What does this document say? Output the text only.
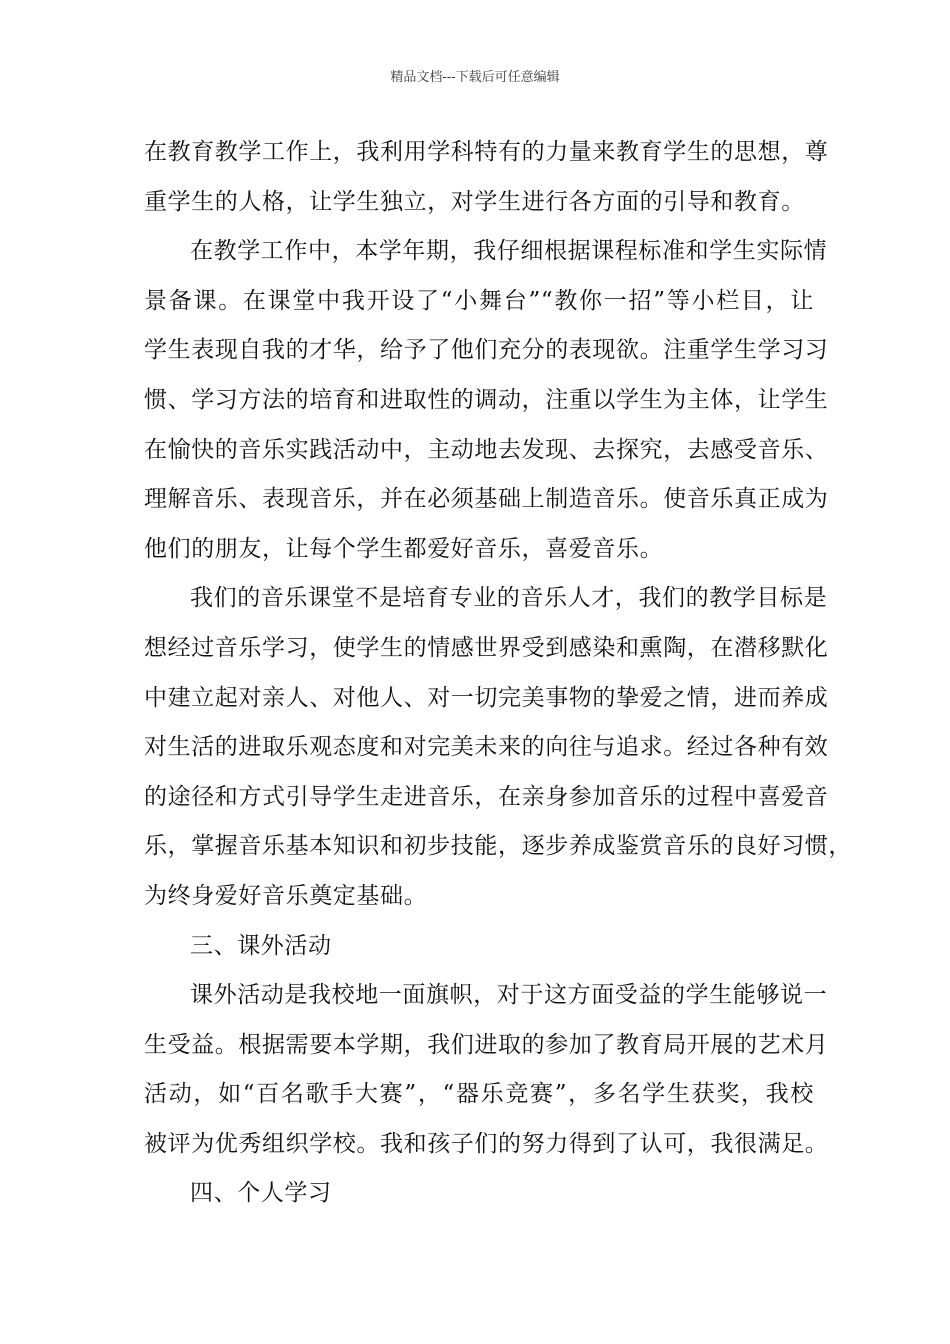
精品文档---下载后可任意编辑
在教育教学工作上，我利用学科特有的力量来教育学生的思想，尊
重学生的人格，让学生独立，对学生进行各方面的引导和教育。
在教学工作中，本学年期，我仔细根据课程标准和学生实际情
景备课。在课堂中我开设了“小舞台”“教你一招”等小栏目，让
学生表现自我的才华，给予了他们充分的表现欲。注重学生学习习
惯、学习方法的培育和进取性的调动，注重以学生为主体，让学生
在愉快的音乐实践活动中，主动地去发现、去探究，去感受音乐、
理解音乐、表现音乐，并在必须基础上制造音乐。使音乐真正成为
他们的朋友，让每个学生都爱好音乐，喜爱音乐。
我们的音乐课堂不是培育专业的音乐人才，我们的教学目标是
想经过音乐学习，使学生的情感世界受到感染和熏陶，在潜移默化
中建立起对亲人、对他人、对一切完美事物的挚爱之情，进而养成
对生活的进取乐观态度和对完美未来的向往与追求。经过各种有效
的途径和方式引导学生走进音乐，在亲身参加音乐的过程中喜爱音
乐，掌握音乐基本知识和初步技能，逐步养成鉴赏音乐的良好习惯，
为终身爱好音乐奠定基础。
三、课外活动
课外活动是我校地一面旗帜，对于这方面受益的学生能够说一
生受益。根据需要本学期，我们进取的参加了教育局开展的艺术月
活动，如“百名歌手大赛”，“器乐竞赛”，多名学生获奖，我校
被评为优秀组织学校。我和孩子们的努力得到了认可，我很满足。
四、个人学习
